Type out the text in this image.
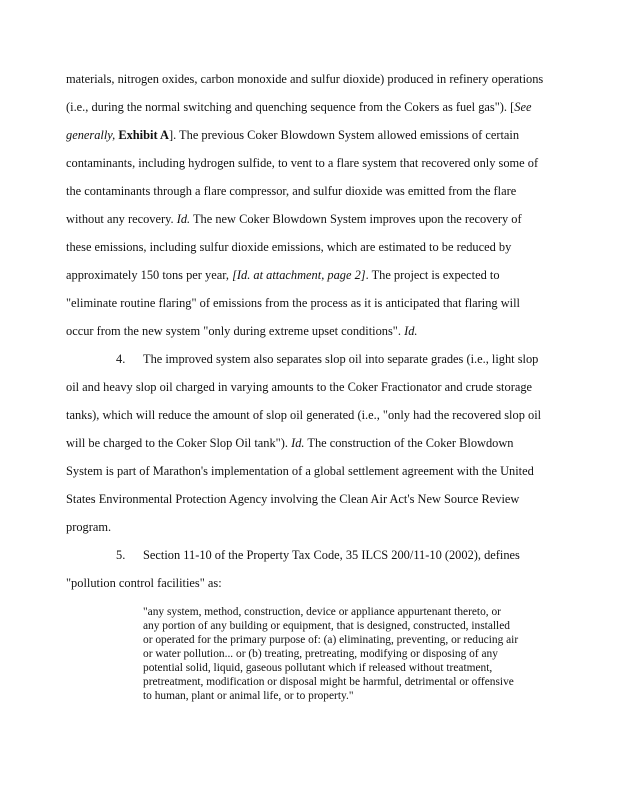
materials, nitrogen oxides, carbon monoxide and sulfur dioxide) produced in refinery operations
(i.e., during the normal switching and quenching sequence from the Cokers as fuel gas"). [See
generally, Exhibit A]. The previous Coker Blowdown System allowed emissions of certain
contaminants, including hydrogen sulfide, to vent to a flare system that recovered only some of
the contaminants through a flare compressor, and sulfur dioxide was emitted from the flare
without any recovery. Id. The new Coker Blowdown System improves upon the recovery of
these emissions, including sulfur dioxide emissions, which are estimated to be reduced by
approximately 150 tons per year, [Id. at attachment, page 2]. The project is expected to
"eliminate routine flaring" of emissions from the process as it is anticipated that flaring will
occur from the new system "only during extreme upset conditions". Id.
4. The improved system also separates slop oil into separate grades (i.e., light slop
oil and heavy slop oil charged in varying amounts to the Coker Fractionator and crude storage
tanks), which will reduce the amount of slop oil generated (i.e., "only had the recovered slop oil
will be charged to the Coker Slop Oil tank"). Id. The construction of the Coker Blowdown
System is part of Marathon's implementation of a global settlement agreement with the United
States Environmental Protection Agency involving the Clean Air Act's New Source Review
program.
5. Section 11-10 of the Property Tax Code, 35 ILCS 200/11-10 (2002), defines
"pollution control facilities" as:
"any system, method, construction, device or appliance appurtenant thereto, or
any portion of any building or equipment, that is designed, constructed, installed
or operated for the primary purpose of: (a) eliminating, preventing, or reducing air
or water pollution... or (b) treating, pretreating, modifying or disposing of any
potential solid, liquid, gaseous pollutant which if released without treatment,
pretreatment, modification or disposal might be harmful, detrimental or offensive
to human, plant or animal life, or to property."
